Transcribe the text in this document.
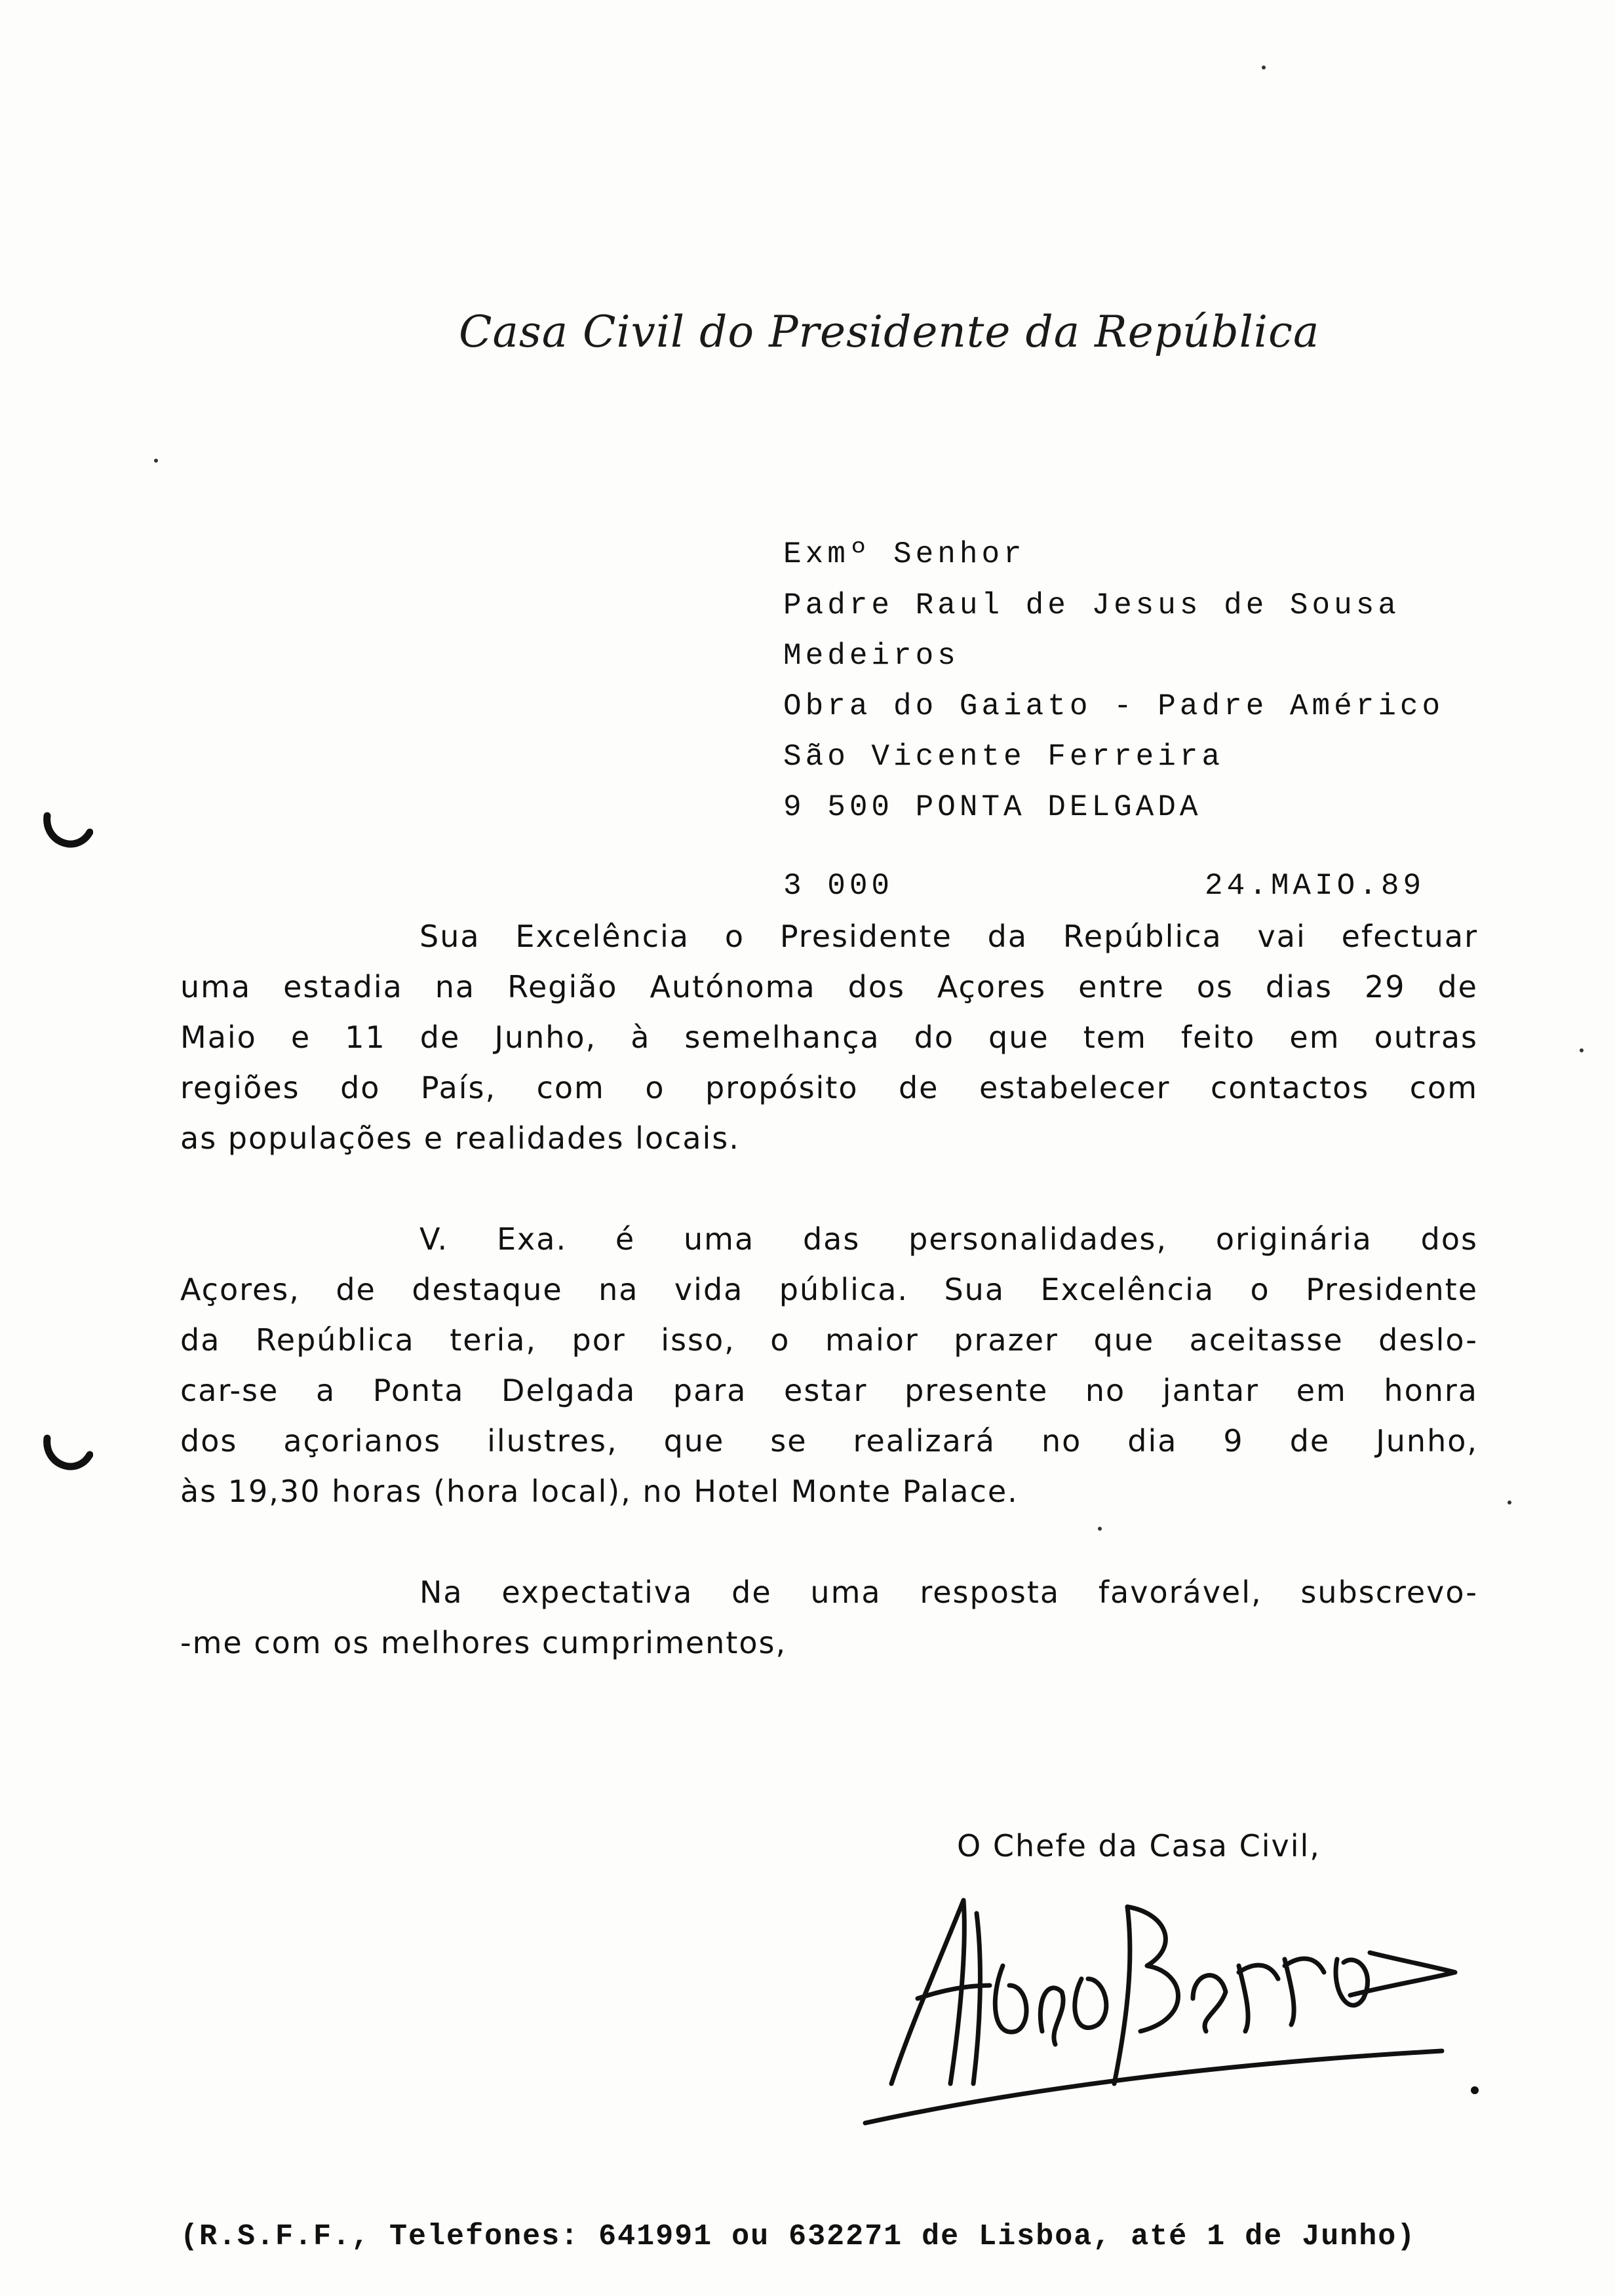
Casa Civil do Presidente da República
Exmº Senhor
Padre Raul de Jesus de Sousa
Medeiros
Obra do Gaiato - Padre Américo
São Vicente Ferreira
9 500 PONTA DELGADA
3 000	24.MAIO.89
Sua Excelência o Presidente da República vai efectuar
uma estadia na Região Autónoma dos Açores entre os dias 29 de
Maio e 11 de Junho, à semelhança do que tem feito em outras
regiões do País, com o propósito de estabelecer contactos com
as populações e realidades locais.
V. Exa. é uma das personalidades, originária dos
Açores, de destaque na vida pública. Sua Excelência o Presidente
da República teria, por isso, o maior prazer que aceitasse deslo-
car-se a Ponta Delgada para estar presente no jantar em honra
dos açorianos ilustres, que se realizará no dia 9 de Junho,
às 19,30 horas (hora local), no Hotel Monte Palace.
Na expectativa de uma resposta favorável, subscrevo-
-me com os melhores cumprimentos,
O Chefe da Casa Civil,
(R.S.F.F., Telefones: 641991 ou 632271 de Lisboa, até 1 de Junho)
